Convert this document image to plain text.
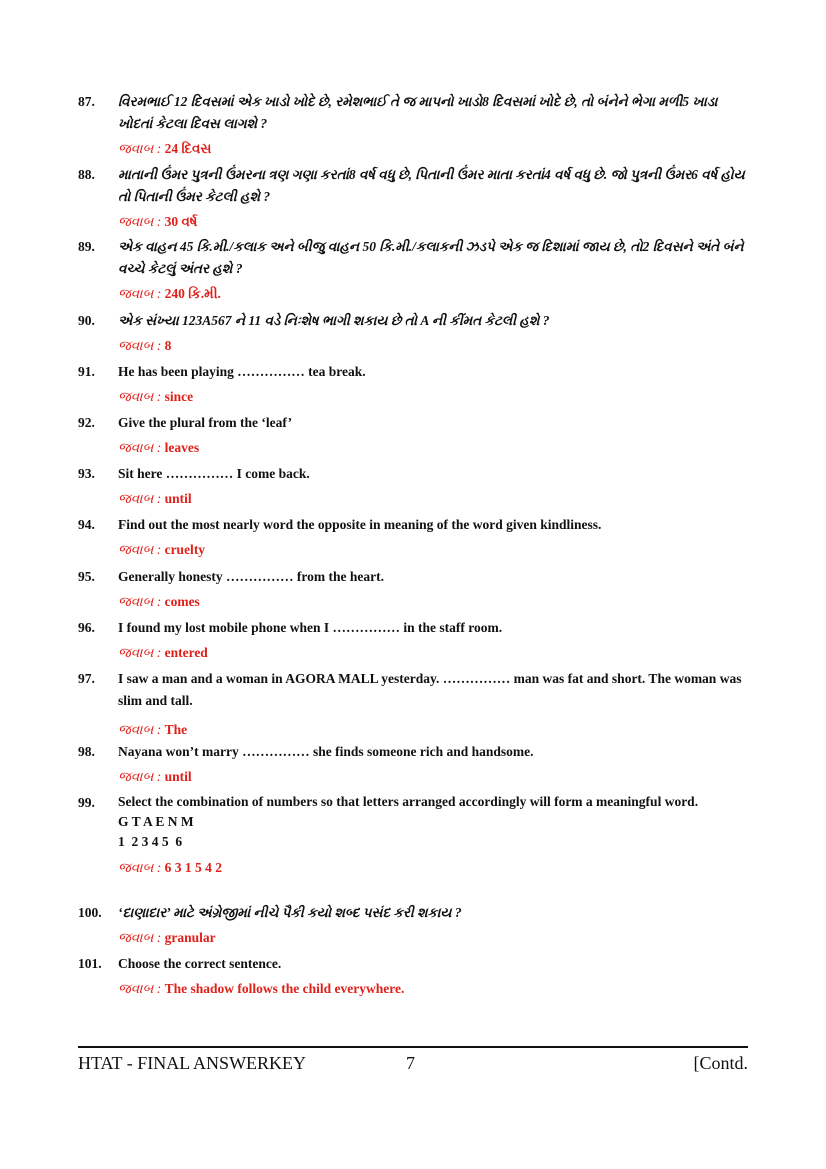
87.	વિરમભાઈ 12 દિવસમાં એક ખાડો ખોદે છે, રમેશભાઈ તે જ માપનો ખાડો8 દિવસમાં ખોદે છે, તો બંનેને ભેગા મળી5 ખાડા ખોદતાં કેટલા દિવસ લાગશે ?
જવાબ : 24 દિવસ
88.	માતાની ઉંમર પુત્રની ઉંમરના ત્રણ ગણા કરતાં8 વર્ષ વધુ છે, પિતાની ઉંમર માતા કરતાં4 વર્ષ વધુ છે. જો પુત્રની ઉંમર6 વર્ષ હોય તો પિતાની ઉંમર કેટલી હશે ?
જવાબ : 30 વર્ષ
89.	એક વાહન 45 કિ.મી./કલાક અને બીજુ વાહન 50 કિ.મી./કલાકની ઝડપે એક જ દિશામાં જાય છે, તો2 દિવસને અંતે બંને વચ્ચે કેટલું અંતર હશે ?
જવાબ : 240 કિ.મી.
90.	એક સંખ્યા 123A567 ને 11 વડે નિઃશેષ ભાગી શકાય છે તો A ની કીંમત કેટલી હશે ?
જવાબ : 8
91.	He has been playing …………… tea break.
જવાબ : since
92.	Give the plural from the ‘leaf’
જવાબ : leaves
93.	Sit here …………… I come back.
જવાબ : until
94.	Find out the most nearly word the opposite in meaning of the word given kindliness.
જવાબ : cruelty
95.	Generally honesty …………… from the heart.
જવાબ : comes
96.	I found my lost mobile phone when I …………… in the staff room.
જવાબ : entered
97.	I saw a man and a woman in AGORA MALL yesterday. …………… man was fat and short. The woman was slim and tall.
જવાબ : The
98.	Nayana won’t marry …………… she finds someone rich and handsome.
જવાબ : until
99.	Select the combination of numbers so that letters arranged accordingly will form a meaningful word.
G T A E N M
1  2 3 4 5  6
જવાબ : 6 3 1 5 4 2
100.	‘દાણાદાર’ માટે અંગ્રેજીમાં નીચે પૈકી કયો શબ્દ પસંદ કરી શકાય ?
જવાબ : granular
101.	Choose the correct sentence.
જવાબ : The shadow follows the child everywhere.
HTAT - FINAL ANSWERKEY	7	[Contd.
